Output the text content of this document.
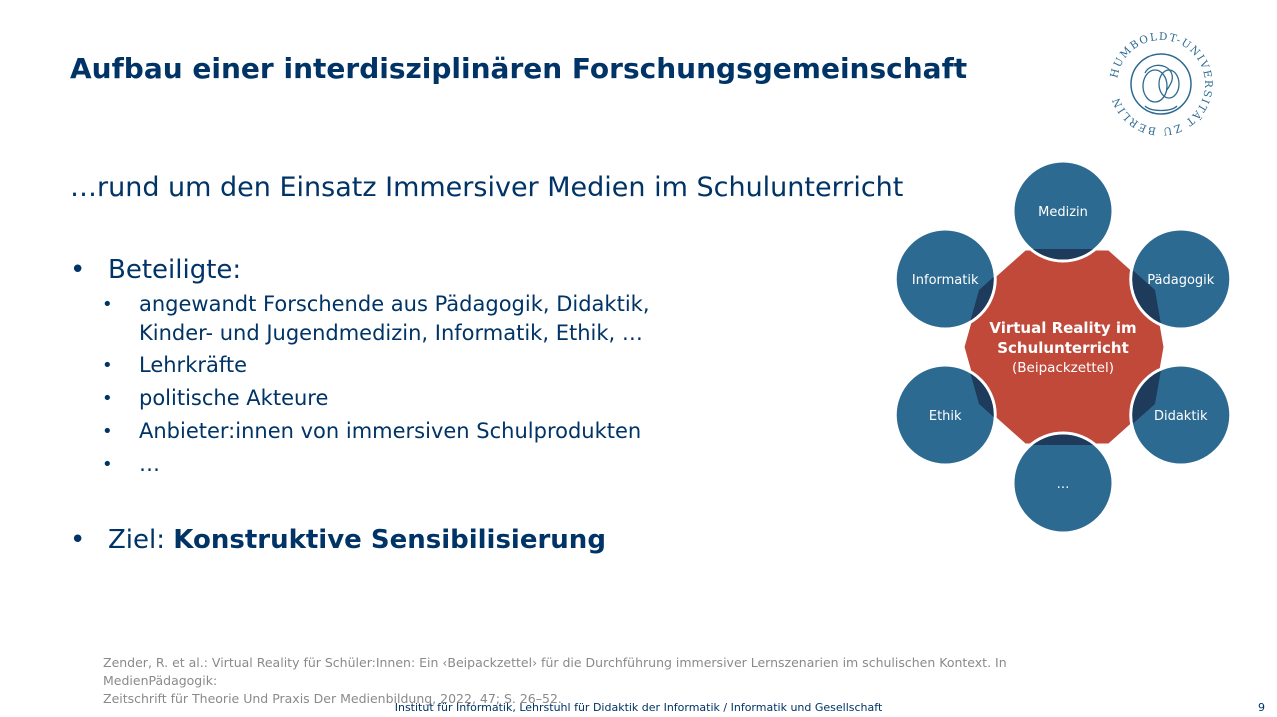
Aufbau einer interdisziplinären Forschungsgemeinschaft	HUMBOLDT-UNIVERSITÄT ZU BERLIN
…rund um den Einsatz Immersiver Medien im Schulunterricht
• Beteiligte:
• angewandt Forschende aus Pädagogik, Didaktik,
Kinder- und Jugendmedizin, Informatik, Ethik, …
• Lehrkräfte
• politische Akteure
• Anbieter:innen von immersiven Schulprodukten
• …
• Ziel: Konstruktive Sensibilisierung
Medizin
Pädagogik
Didaktik
…
Ethik
Informatik
Virtual Reality im
Schulunterricht
(Beipackzettel)
Zender, R. et al.: Virtual Reality für Schüler:Innen: Ein ‹Beipackzettel› für die Durchführung immersiver Lernszenarien im schulischen Kontext. In MedienPädagogik:
Zeitschrift für Theorie Und Praxis Der Medienbildung, 2022, 47; S. 26–52.
Institut für Informatik, Lehrstuhl für Didaktik der Informatik / Informatik und Gesellschaft	9
